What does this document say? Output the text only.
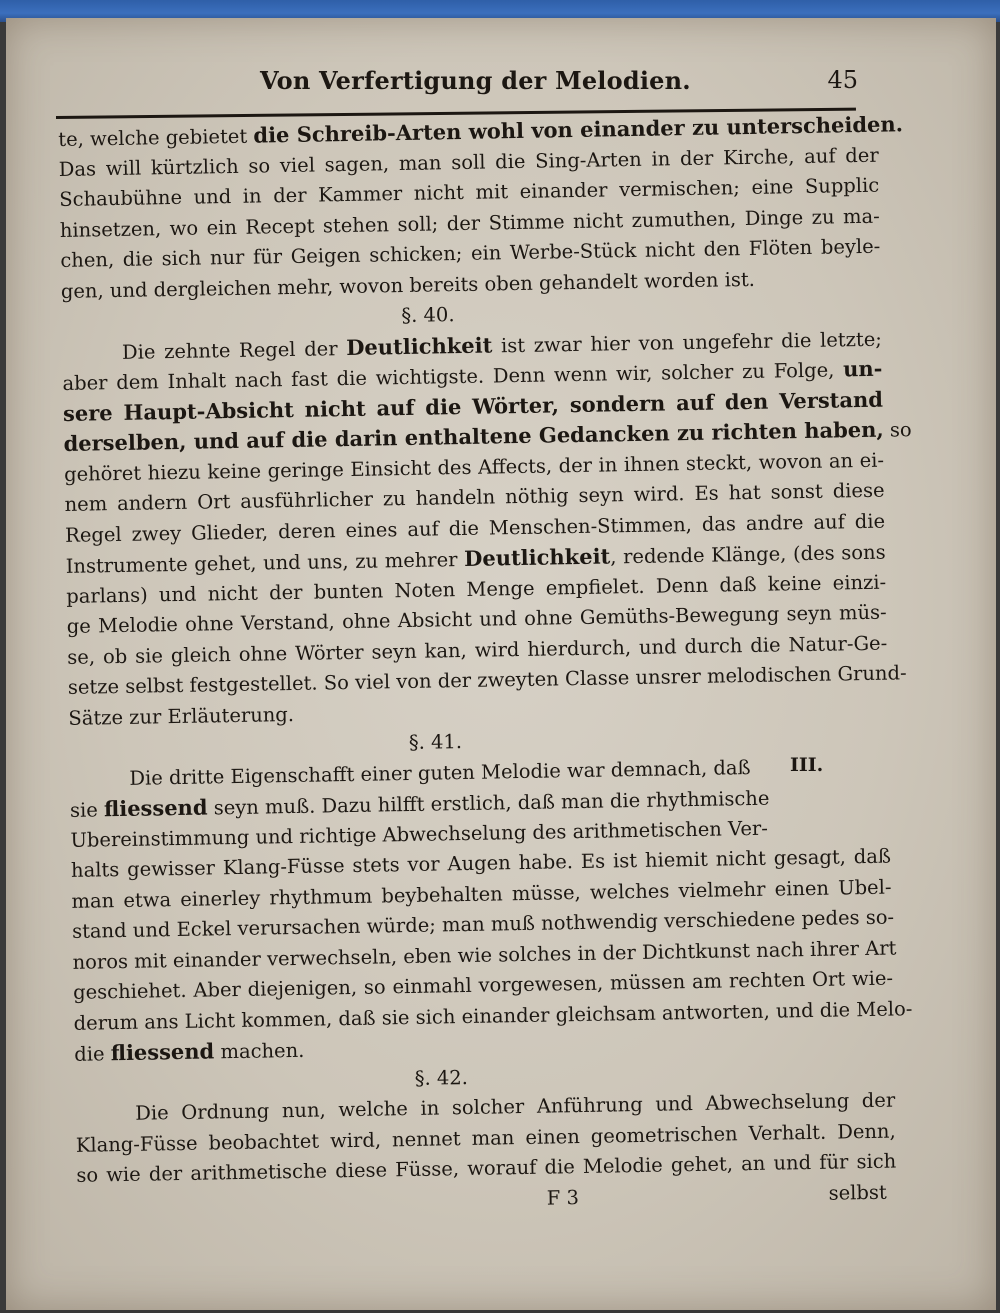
Von Verfertigung der Melodien.	45
III.
te, welche gebietet die Schreib-Arten wohl von einander zu unterscheiden.
Das will kürtzlich so viel sagen, man soll die Sing-Arten in der Kirche, auf der
Schaubühne und in der Kammer nicht mit einander vermischen; eine Supplic
hinsetzen, wo ein Recept stehen soll; der Stimme nicht zumuthen, Dinge zu ma-
chen, die sich nur für Geigen schicken; ein Werbe-Stück nicht den Flöten beyle-
gen, und dergleichen mehr, wovon bereits oben gehandelt worden ist.
§. 40.
Die zehnte Regel der Deutlichkeit ist zwar hier von ungefehr die letzte;
aber dem Inhalt nach fast die wichtigste. Denn wenn wir, solcher zu Folge, un-
sere Haupt-Absicht nicht auf die Wörter, sondern auf den Verstand
derselben, und auf die darin enthaltene Gedancken zu richten haben, so
gehöret hiezu keine geringe Einsicht des Affects, der in ihnen steckt, wovon an ei-
nem andern Ort ausführlicher zu handeln nöthig seyn wird. Es hat sonst diese
Regel zwey Glieder, deren eines auf die Menschen-Stimmen, das andre auf die
Instrumente gehet, und uns, zu mehrer Deutlichkeit, redende Klänge, (des sons
parlans) und nicht der bunten Noten Menge empfielet. Denn daß keine einzi-
ge Melodie ohne Verstand, ohne Absicht und ohne Gemüths-Bewegung seyn müs-
se, ob sie gleich ohne Wörter seyn kan, wird hierdurch, und durch die Natur-Ge-
setze selbst festgestellet. So viel von der zweyten Classe unsrer melodischen Grund-
Sätze zur Erläuterung.
§. 41.
Die dritte Eigenschafft einer guten Melodie war demnach, daß
sie fliessend seyn muß. Dazu hilfft erstlich, daß man die rhythmische
Ubereinstimmung und richtige Abwechselung des arithmetischen Ver-
halts gewisser Klang-Füsse stets vor Augen habe. Es ist hiemit nicht gesagt, daß
man etwa einerley rhythmum beybehalten müsse, welches vielmehr einen Ubel-
stand und Eckel verursachen würde; man muß nothwendig verschiedene pedes so-
noros mit einander verwechseln, eben wie solches in der Dichtkunst nach ihrer Art
geschiehet. Aber diejenigen, so einmahl vorgewesen, müssen am rechten Ort wie-
derum ans Licht kommen, daß sie sich einander gleichsam antworten, und die Melo-
die fliessend machen.
§. 42.
Die Ordnung nun, welche in solcher Anführung und Abwechselung der
Klang-Füsse beobachtet wird, nennet man einen geometrischen Verhalt. Denn,
so wie der arithmetische diese Füsse, worauf die Melodie gehet, an und für sich
F 3	selbst
